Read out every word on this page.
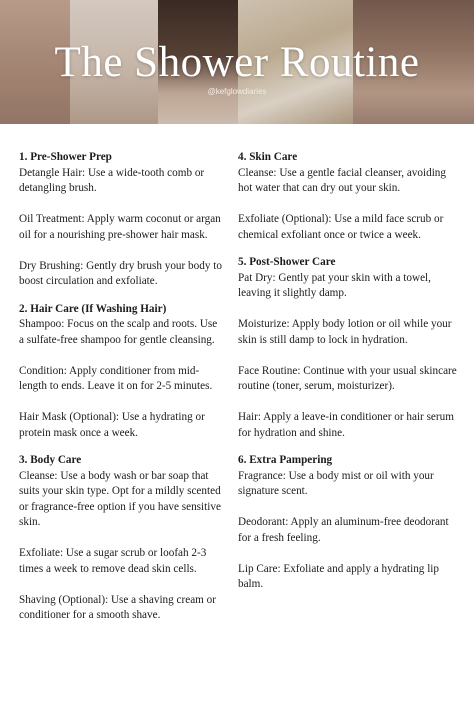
The Shower Routine
@kefglowdiaries

1. Pre-Shower Prep

Detangle Hair: Use a wide-tooth comb or detangling brush.

Oil Treatment: Apply warm coconut or argan oil for a nourishing pre-shower hair mask.

Dry Brushing: Gently dry brush your body to boost circulation and exfoliate.

2. Hair Care (If Washing Hair)

Shampoo: Focus on the scalp and roots. Use a sulfate-free shampoo for gentle cleansing.

Condition: Apply conditioner from mid-length to ends. Leave it on for 2-5 minutes.

Hair Mask (Optional): Use a hydrating or protein mask once a week.

3. Body Care

Cleanse: Use a body wash or bar soap that suits your skin type. Opt for a mildly scented or fragrance-free option if you have sensitive skin.

Exfoliate: Use a sugar scrub or loofah 2-3 times a week to remove dead skin cells.

Shaving (Optional): Use a shaving cream or conditioner for a smooth shave.

4. Skin Care

Cleanse: Use a gentle facial cleanser, avoiding hot water that can dry out your skin.

Exfoliate (Optional): Use a mild face scrub or chemical exfoliant once or twice a week.

5. Post-Shower Care

Pat Dry: Gently pat your skin with a towel, leaving it slightly damp.

Moisturize: Apply body lotion or oil while your skin is still damp to lock in hydration.

Face Routine: Continue with your usual skincare routine (toner, serum, moisturizer).

Hair: Apply a leave-in conditioner or hair serum for hydration and shine.

6. Extra Pampering

Fragrance: Use a body mist or oil with your signature scent.

Deodorant: Apply an aluminum-free deodorant for a fresh feeling.

Lip Care: Exfoliate and apply a hydrating lip balm.
